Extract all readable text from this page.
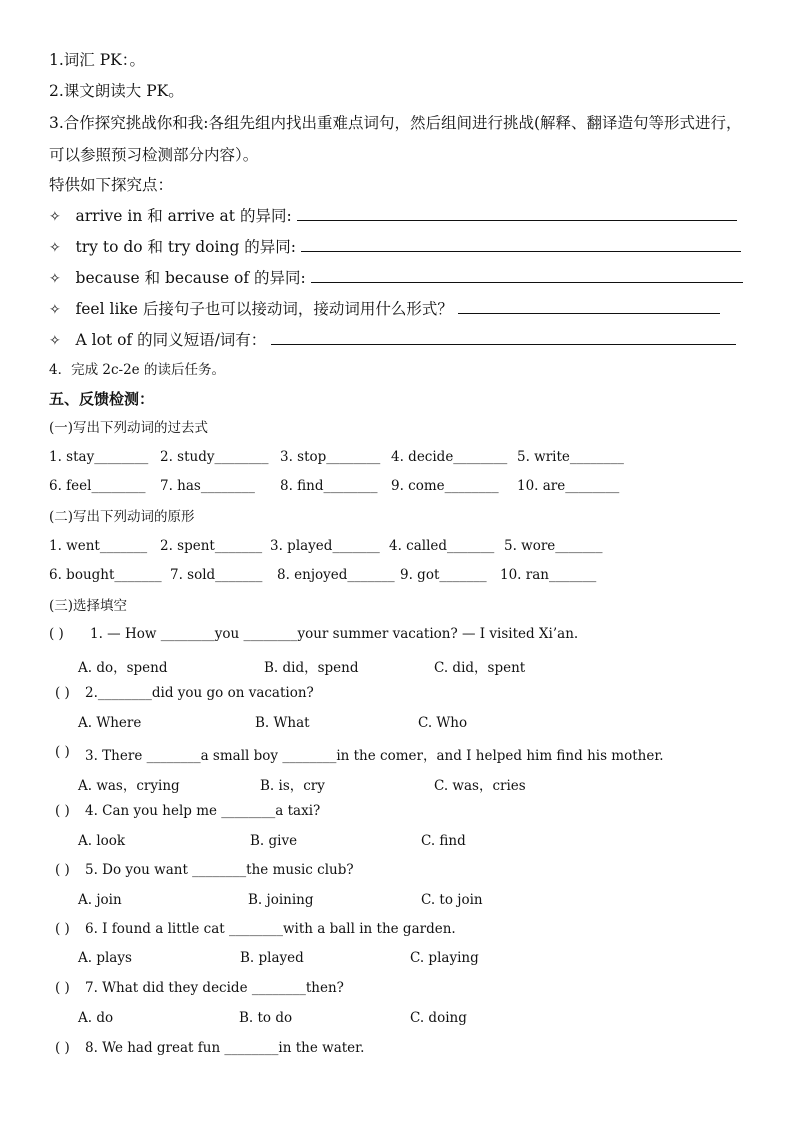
1.词汇 PK：。
2.课文朗读大 PK。
3.合作探究挑战你和我:各组先组内找出重难点词句，然后组间进行挑战(解释、翻译造句等形式进行，
可以参照预习检测部分内容）。
特供如下探究点：
✧ arrive in 和 arrive at 的异同:
✧ try to do 和 try doing 的异同:
✧ because 和 because of 的异同:
✧ feel like 后接句子也可以接动词，接动词用什么形式？
✧ A lot of 的同义短语/词有：
4．完成 2c-2e 的读后任务。
五、反馈检测：
(一)写出下列动词的过去式
1. stay________ 2. study________ 3. stop________ 4. decide________ 5. write________
6. feel________ 7. has________ 8. find________ 9. come________ 10. are________
(二)写出下列动词的原形
1. went_______ 2. spent_______ 3. played_______ 4. called_______ 5. wore_______
6. bought_______ 7. sold_______ 8. enjoyed_______ 9. got_______ 10. ran_______
(三)选择填空
( ) 1. — How ________you ________your summer vacation? — I visited Xi’an.
A. do，spend	B. did，spend	C. did，spent
( ) 2.________did you go on vacation?
A. Where	B. What	C. Who
( ) 3. There ________a small boy ________in the comer，and I helped him find his mother.
A. was，crying	B. is，cry	C. was，cries
( ) 4. Can you help me ________a taxi?
A. look	B. give	C. find
( ) 5. Do you want ________the music club?
A. join	B. joining	C. to join
( ) 6. I found a little cat ________with a ball in the garden.
A. plays	B. played	C. playing
( ) 7. What did they decide ________then?
A. do	B. to do	C. doing
( ) 8. We had great fun ________in the water.
